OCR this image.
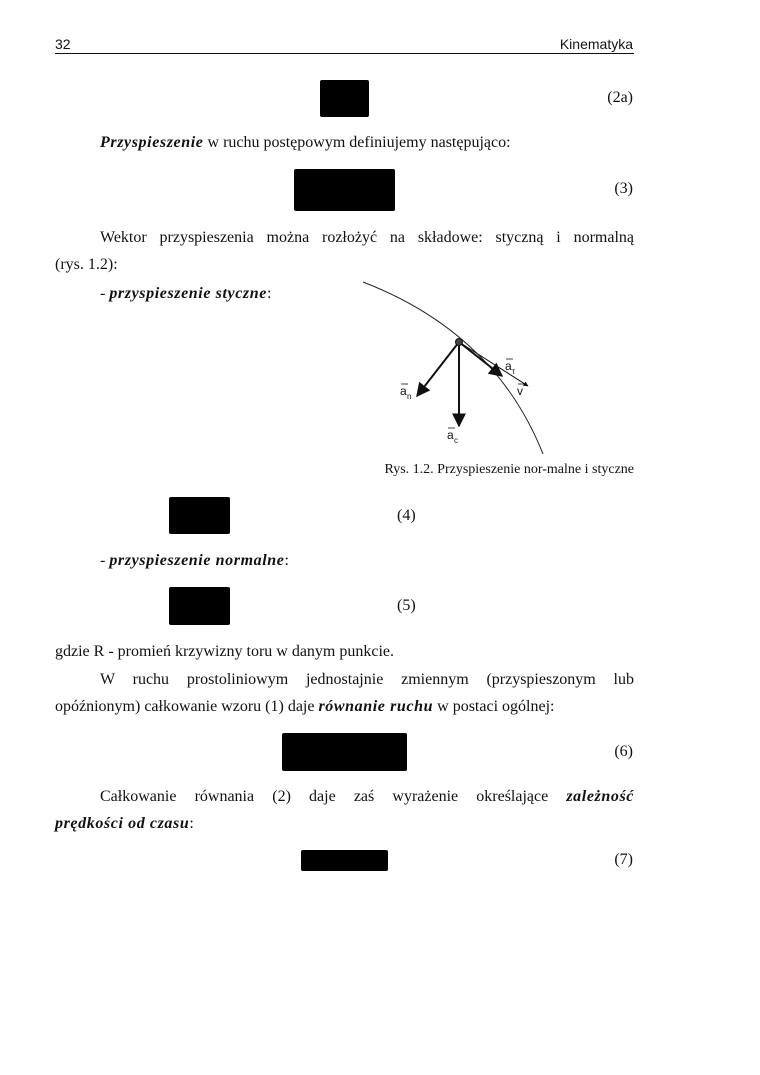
32	Kinematyka
(2a)
Przyspieszenie w ruchu postępowym definiujemy następująco:
(3)
Wektor przyspieszenia można rozłożyć na składowe: styczną i normalną
(rys. 1.2):
- przyspieszenie styczne:
a n
a τ
v
a c
Rys. 1.2. Przyspieszenie nor-malne i styczne
(4)
- przyspieszenie normalne:
(5)
gdzie R - promień krzywizny toru w danym punkcie.
W ruchu prostoliniowym jednostajnie zmiennym (przyspieszonym lub
opóźnionym) całkowanie wzoru (1) daje równanie ruchu w postaci ogólnej:
(6)
Całkowanie równania (2) daje zaś wyrażenie określające zależność
prędkości od czasu:
(7)
